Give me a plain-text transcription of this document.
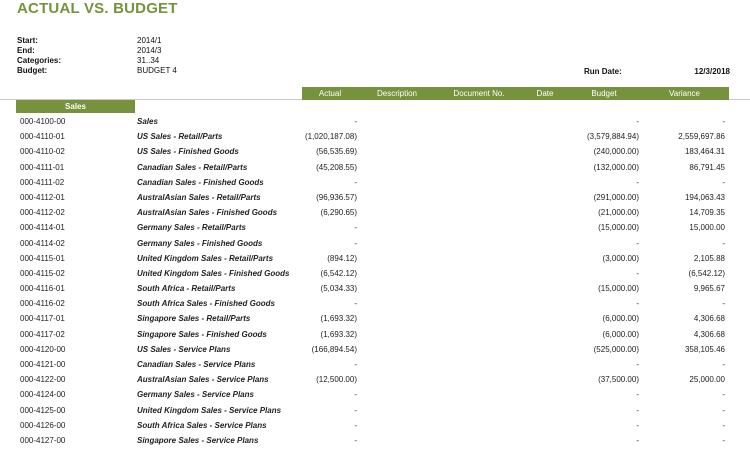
ACTUAL VS. BUDGET
Start:	2014/1
End:	2014/3
Categories:	31..34
Budget:	BUDGET 4	Run Date:	12/3/2018
Actual	Description	Document No.	Date	Budget	Variance
Sales
000-4100-00	Sales	-	-	-
000-4110-01	US Sales - Retail/Parts	(1,020,187.08)	(3,579,884.94)	2,559,697.86
000-4110-02	US Sales - Finished Goods	(56,535.69)	(240,000.00)	183,464.31
000-4111-01	Canadian Sales - Retail/Parts	(45,208.55)	(132,000.00)	86,791.45
000-4111-02	Canadian Sales - Finished Goods	-	-	-
000-4112-01	AustralAsian Sales - Retail/Parts	(96,936.57)	(291,000.00)	194,063.43
000-4112-02	AustralAsian Sales - Finished Goods	(6,290.65)	(21,000.00)	14,709.35
000-4114-01	Germany Sales - Retail/Parts	-	(15,000.00)	15,000.00
000-4114-02	Germany Sales - Finished Goods	-	-	-
000-4115-01	United Kingdom Sales - Retail/Parts	(894.12)	(3,000.00)	2,105.88
000-4115-02	United Kingdom Sales - Finished Goods	(6,542.12)	-	(6,542.12)
000-4116-01	South Africa - Retail/Parts	(5,034.33)	(15,000.00)	9,965.67
000-4116-02	South Africa Sales - Finished Goods	-	-	-
000-4117-01	Singapore Sales - Retail/Parts	(1,693.32)	(6,000.00)	4,306.68
000-4117-02	Singapore Sales - Finished Goods	(1,693.32)	(6,000.00)	4,306.68
000-4120-00	US Sales - Service Plans	(166,894.54)	(525,000.00)	358,105.46
000-4121-00	Canadian Sales - Service Plans	-	-	-
000-4122-00	AustralAsian Sales - Service Plans	(12,500.00)	(37,500.00)	25,000.00
000-4124-00	Germany Sales - Service Plans	-	-	-
000-4125-00	United Kingdom Sales - Service Plans	-	-	-
000-4126-00	South Africa Sales - Service Plans	-	-	-
000-4127-00	Singapore Sales - Service Plans	-	-	-
